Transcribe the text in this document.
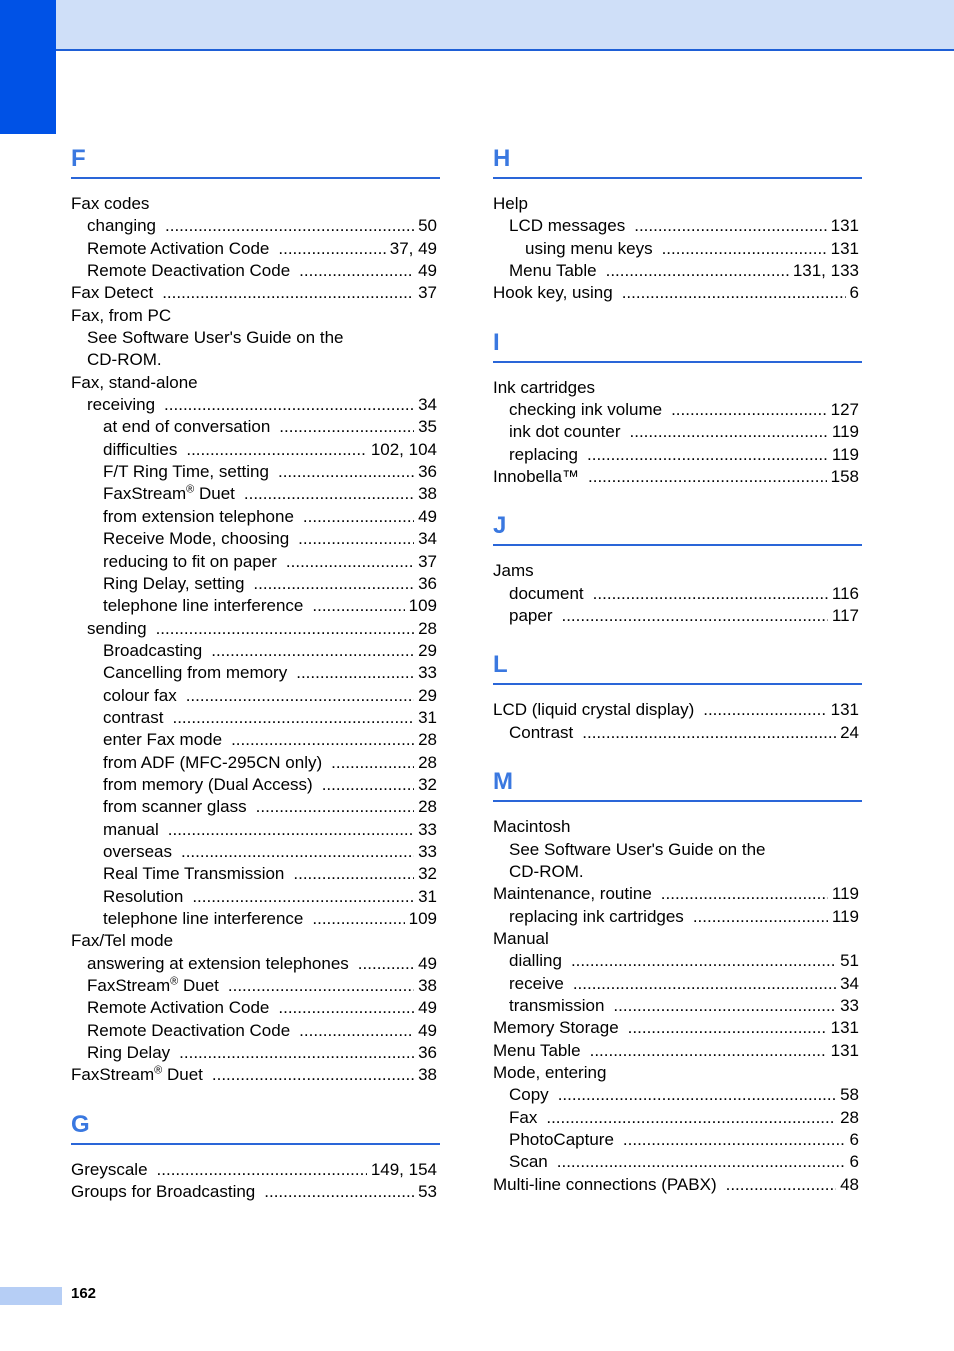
F
Fax codes
changing .....	50
Remote Activation Code .....	37, 49
Remote Deactivation Code .....	49
Fax Detect .....	37
Fax, from PC
See Software User's Guide on the
CD-ROM.
Fax, stand-alone
receiving .....	34
at end of conversation .....	35
difficulties .....	102, 104
F/T Ring Time, setting .....	36
FaxStream® Duet .....	38
from extension telephone .....	49
Receive Mode, choosing .....	34
reducing to fit on paper .....	37
Ring Delay, setting .....	36
telephone line interference .....	109
sending .....	28
Broadcasting .....	29
Cancelling from memory .....	33
colour fax .....	29
contrast .....	31
enter Fax mode .....	28
from ADF (MFC-295CN only) .....	28
from memory (Dual Access) .....	32
from scanner glass .....	28
manual .....	33
overseas .....	33
Real Time Transmission .....	32
Resolution .....	31
telephone line interference .....	109
Fax/Tel mode
answering at extension telephones .....	49
FaxStream® Duet .....	38
Remote Activation Code .....	49
Remote Deactivation Code .....	49
Ring Delay .....	36
FaxStream® Duet .....	38
G
Greyscale .....	149, 154
Groups for Broadcasting .....	53
H
Help
LCD messages .....	131
using menu keys .....	131
Menu Table .....	131, 133
Hook key, using .....	6
I
Ink cartridges
checking ink volume .....	127
ink dot counter .....	119
replacing .....	119
Innobella™ .....	158
J
Jams
document .....	116
paper .....	117
L
LCD (liquid crystal display) .....	131
Contrast .....	24
M
Macintosh
See Software User's Guide on the
CD-ROM.
Maintenance, routine .....	119
replacing ink cartridges .....	119
Manual
dialling .....	51
receive .....	34
transmission .....	33
Memory Storage .....	131
Menu Table .....	131
Mode, entering
Copy .....	58
Fax .....	28
PhotoCapture .....	6
Scan .....	6
Multi-line connections (PABX) .....	48
162
